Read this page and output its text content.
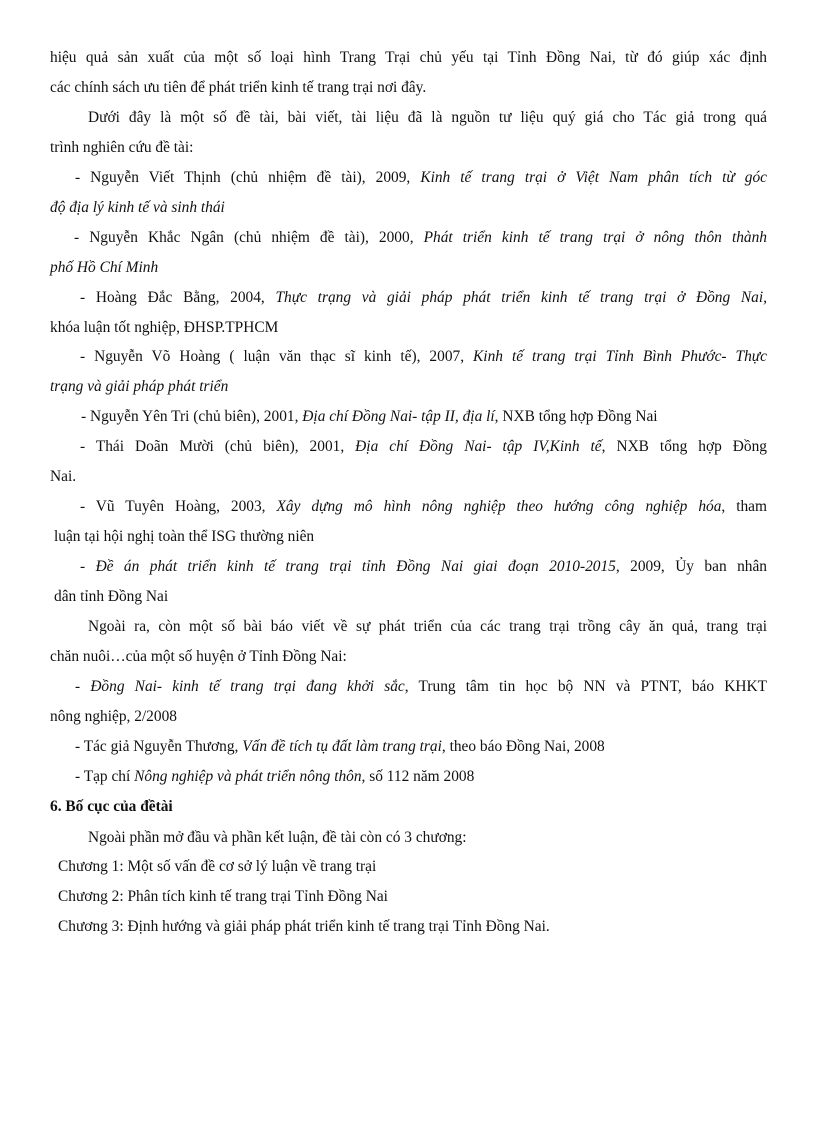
hiệu quả sản xuất của một số loại hình Trang Trại chủ yếu tại Tỉnh Đồng Nai, từ đó giúp xác định
các chính sách ưu tiên để phát triển kinh tế trang trại nơi đây.
Dưới đây là một số đề tài, bài viết, tài liệu đã là nguồn tư liệu quý giá cho Tác giả trong quá
trình nghiên cứu đề tài:
- Nguyễn Viết Thịnh (chủ nhiệm đề tài), 2009, Kinh tế trang trại ở Việt Nam phân tích từ góc
độ địa lý kinh tế và sinh thái
- Nguyễn Khắc Ngân (chủ nhiệm đề tài), 2000, Phát triển kinh tế trang trại ở nông thôn thành
phố Hồ Chí Minh
- Hoàng Đắc Bằng, 2004, Thực trạng và giải pháp phát triển kinh tế trang trại ở Đồng Nai,
khóa luận tốt nghiệp, ĐHSP.TPHCM
- Nguyễn Võ Hoàng ( luận văn thạc sĩ kinh tế), 2007, Kinh tế trang trại Tỉnh Bình Phước- Thực
trạng và giải pháp phát triển
- Nguyễn Yên Tri (chủ biên), 2001, Địa chí Đồng Nai- tập II, địa lí, NXB tổng hợp Đồng Nai
- Thái Doãn Mười (chủ biên), 2001, Địa chí Đồng Nai- tập IV,Kinh tế, NXB tổng hợp Đồng
Nai.
- Vũ Tuyên Hoàng, 2003, Xây dựng mô hình nông nghiệp theo hướng công nghiệp hóa, tham
luận tại hội nghị toàn thể ISG thường niên
- Đề án phát triển kinh tế trang trại tỉnh Đồng Nai giai đoạn 2010-2015, 2009, Ủy ban nhân
dân tỉnh Đồng Nai
Ngoài ra, còn một số bài báo viết về sự phát triển của các trang trại trồng cây ăn quả, trang trại
chăn nuôi…của một số huyện ở Tỉnh Đồng Nai:
- Đồng Nai- kinh tế trang trại đang khởi sắc, Trung tâm tin học bộ NN và PTNT, báo KHKT
nông nghiệp, 2/2008
- Tác giả Nguyễn Thương, Vấn đề tích tụ đất làm trang trại, theo báo Đồng Nai, 2008
- Tạp chí Nông nghiệp và phát triển nông thôn, số 112 năm 2008
6. Bố cục của đềtài
Ngoài phần mở đầu và phần kết luận, đề tài còn có 3 chương:
Chương 1: Một số vấn đề cơ sở lý luận về trang trại
Chương 2: Phân tích kinh tế trang trại Tỉnh Đồng Nai
Chương 3: Định hướng và giải pháp phát triển kinh tế trang trại Tỉnh Đồng Nai.
